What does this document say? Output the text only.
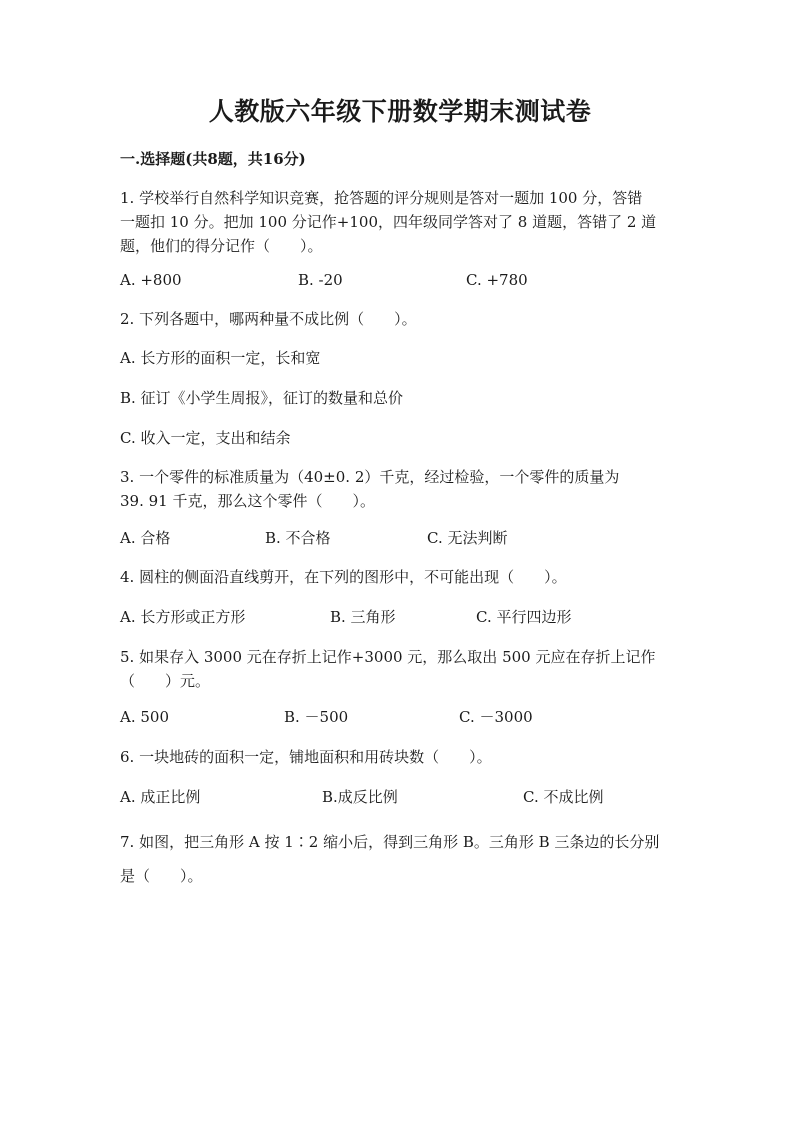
人教版六年级下册数学期末测试卷
一.选择题(共8题，共16分)
1. 学校举行自然科学知识竞赛，抢答题的评分规则是答对一题加 100 分，答错
一题扣 10 分。把加 100 分记作+100，四年级同学答对了 8 道题，答错了 2 道
题，他们的得分记作（　　）。
A. +800	B. -20	C. +780
2. 下列各题中，哪两种量不成比例（　　）。
A. 长方形的面积一定，长和宽
B. 征订《小学生周报》，征订的数量和总价
C. 收入一定，支出和结余
3. 一个零件的标准质量为（40±0. 2）千克，经过检验，一个零件的质量为
39. 91 千克，那么这个零件（　　）。
A. 合格	B. 不合格	C. 无法判断
4. 圆柱的侧面沿直线剪开，在下列的图形中，不可能出现（　　）。
A. 长方形或正方形	B. 三角形	C. 平行四边形
5. 如果存入 3000 元在存折上记作+3000 元，那么取出 500 元应在存折上记作
（　　）元。
A. 500	B. －500	C. －3000
6. 一块地砖的面积一定，铺地面积和用砖块数（　　）。
A. 成正比例	B.成反比例	C. 不成比例
7. 如图，把三角形 A 按 1∶2 缩小后，得到三角形 B。三角形 B 三条边的长分别
是（　　）。
